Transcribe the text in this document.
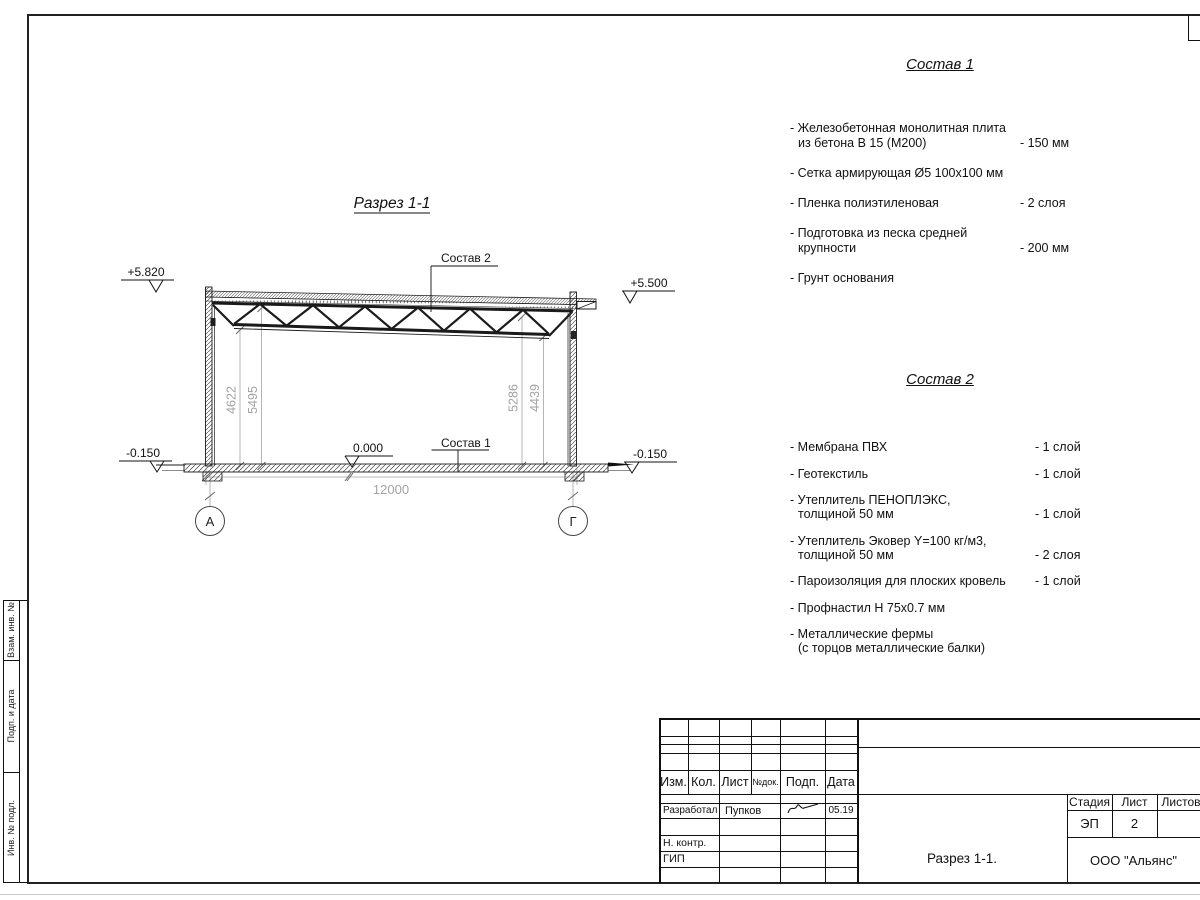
Взам. инв. №
Подп. и дата
Инв. № подл.
Разрез 1-1
4622 5495	5286 4439
12000
А	Г
+5.820
+5.500
0.000
-0.150	-0.150
Состав 2
Состав 1
Состав 1
- Железобетонная монолитная плита
из бетона В 15 (М200)	- 150 мм
- Сетка армирующая Ø5 100х100 мм
- Пленка полиэтиленовая	- 2 слоя
- Подготовка из песка средней
крупности	- 200 мм
- Грунт основания
Состав 2
- Мембрана ПВХ	- 1 слой
- Геотекстиль	- 1 слой
- Утеплитель ПЕНОПЛЭКС,
толщиной 50 мм	- 1 слой
- Утеплитель Эковер Y=100 кг/м3,
толщиной 50 мм	- 2 слоя
- Пароизоляция для плоских кровель	- 1 слой
- Профнастил Н 75х0.7 мм
- Металлические фермы
(с торцов металлические балки)
Изм. Кол. Лист №док. Подп. Дата
Разработал Пупков	05.19
Н. контр.
ГИП
Стадия Лист	Листов
ЭП	2
Разрез 1-1.	ООО "Альянс"
